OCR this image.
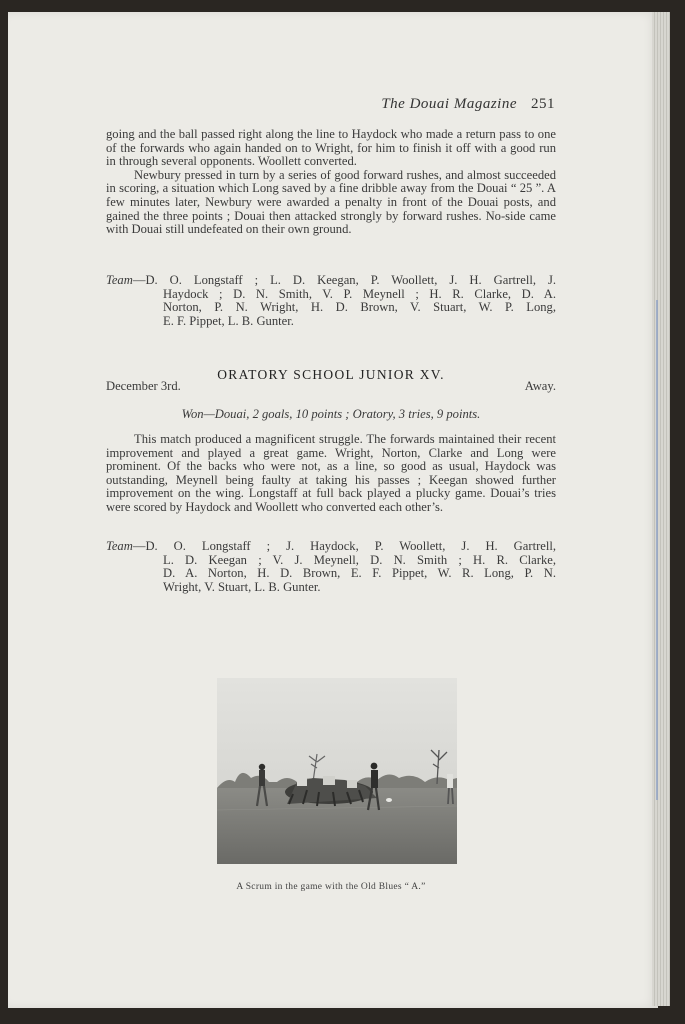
The Douai Magazine 251

going and the ball passed right along the line to Haydock who made a return pass to one of the forwards who again handed on to Wright, for him to finish it off with a good run in through several opponents. Woollett converted.

Newbury pressed in turn by a series of good forward rushes, and almost succeeded in scoring, a situation which Long saved by a fine dribble away from the Douai “ 25 ”. A few minutes later, Newbury were awarded a penalty in front of the Douai posts, and gained the three points ; Douai then attacked strongly by forward rushes. No-side came with Douai still undefeated on their own ground.

Team —D. O. Longstaff ; L. D. Keegan, P. Woollett, J. H. Gartrell, J.
Haydock ; D. N. Smith, V. P. Meynell ; H. R. Clarke, D. A.
Norton, P. N. Wright, H. D. Brown, V. Stuart, W. P. Long,
E. F. Pippet, L. B. Gunter.
ORATORY SCHOOL JUNIOR XV.
December 3rd.	Away.
Won—Douai, 2 goals, 10 points ; Oratory, 3 tries, 9 points.

This match produced a magnificent struggle. The forwards maintained their recent improvement and played a great game. Wright, Norton, Clarke and Long were prominent. Of the backs who were not, as a line, so good as usual, Haydock was outstanding, Meynell being faulty at taking his passes ; Keegan showed further improvement on the wing. Longstaff at full back played a plucky game. Douai’s tries were scored by Haydock and Woollett who converted each other’s.

Team —D. O. Longstaff ; J. Haydock, P. Woollett, J. H. Gartrell,
L. D. Keegan ; V. J. Meynell, D. N. Smith ; H. R. Clarke,
D. A. Norton, H. D. Brown, E. F. Pippet, W. R. Long, P. N.
Wright, V. Stuart, L. B. Gunter.
A Scrum in the game with the Old Blues “ A.”
